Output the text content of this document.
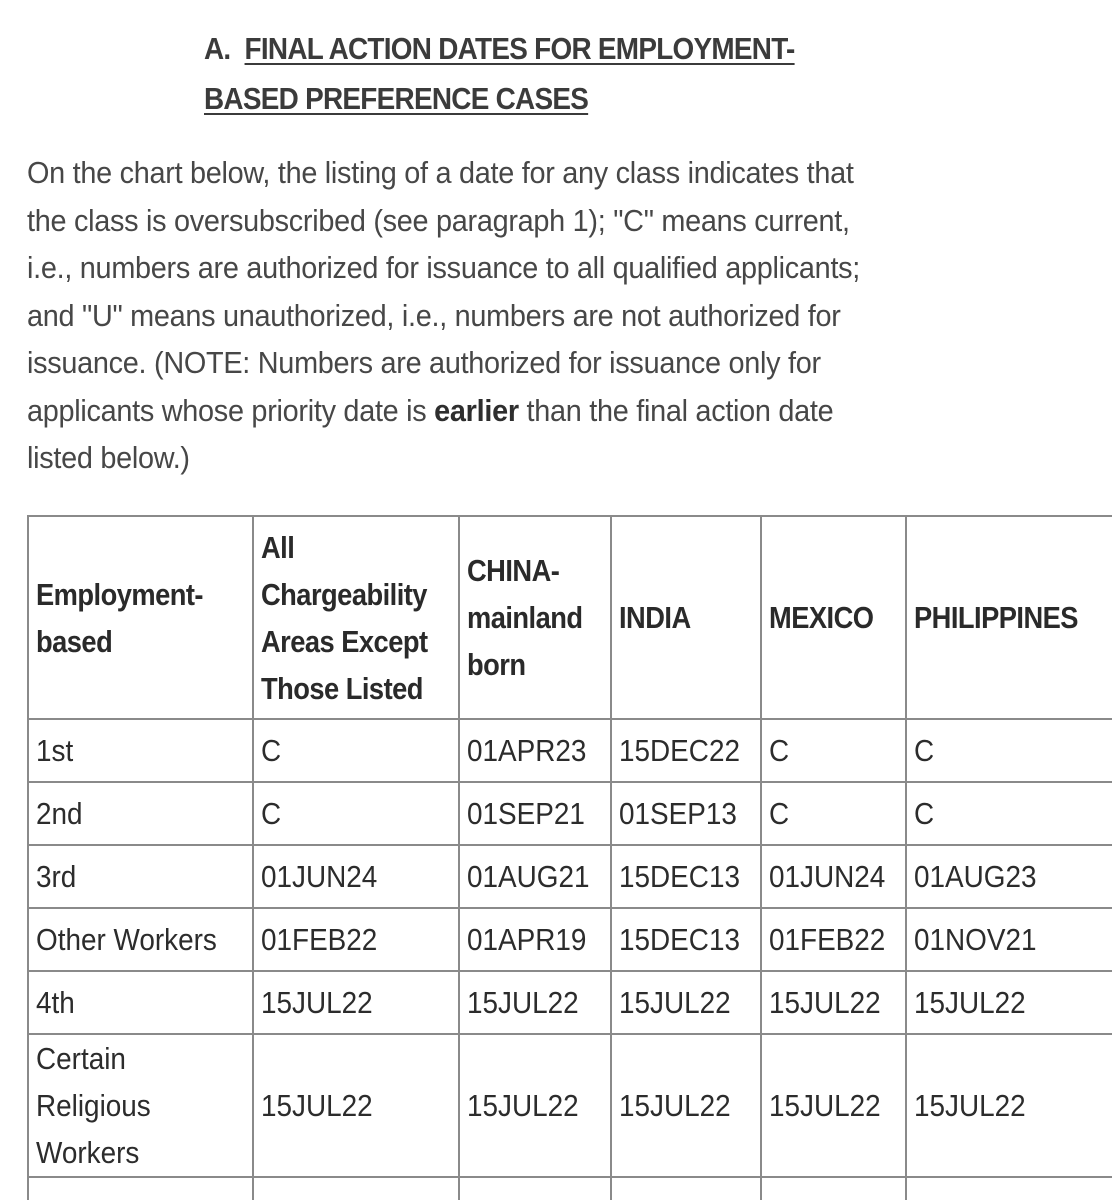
A. FINAL ACTION DATES FOR EMPLOYMENT-BASED PREFERENCE CASES

On the chart below, the listing of a date for any class indicates that the class is oversubscribed (see paragraph 1); "C" means current, i.e., numbers are authorized for issuance to all qualified applicants; and "U" means unauthorized, i.e., numbers are not authorized for issuance. (NOTE: Numbers are authorized for issuance only for applicants whose priority date is earlier than the final action date listed below.)

Employment-based	All Chargeability Areas Except Those Listed	CHINA-mainland born	INDIA	MEXICO	PHILIPPINES
1st	C	01APR23	15DEC22	C	C
2nd	C	01SEP21	01SEP13	C	C
3rd	01JUN24	01AUG21	15DEC13	01JUN24	01AUG23
Other Workers	01FEB22	01APR19	15DEC13	01FEB22	01NOV21
4th	15JUL22	15JUL22	15JUL22	15JUL22	15JUL22
Certain Religious Workers	15JUL22	15JUL22	15JUL22	15JUL22	15JUL22
